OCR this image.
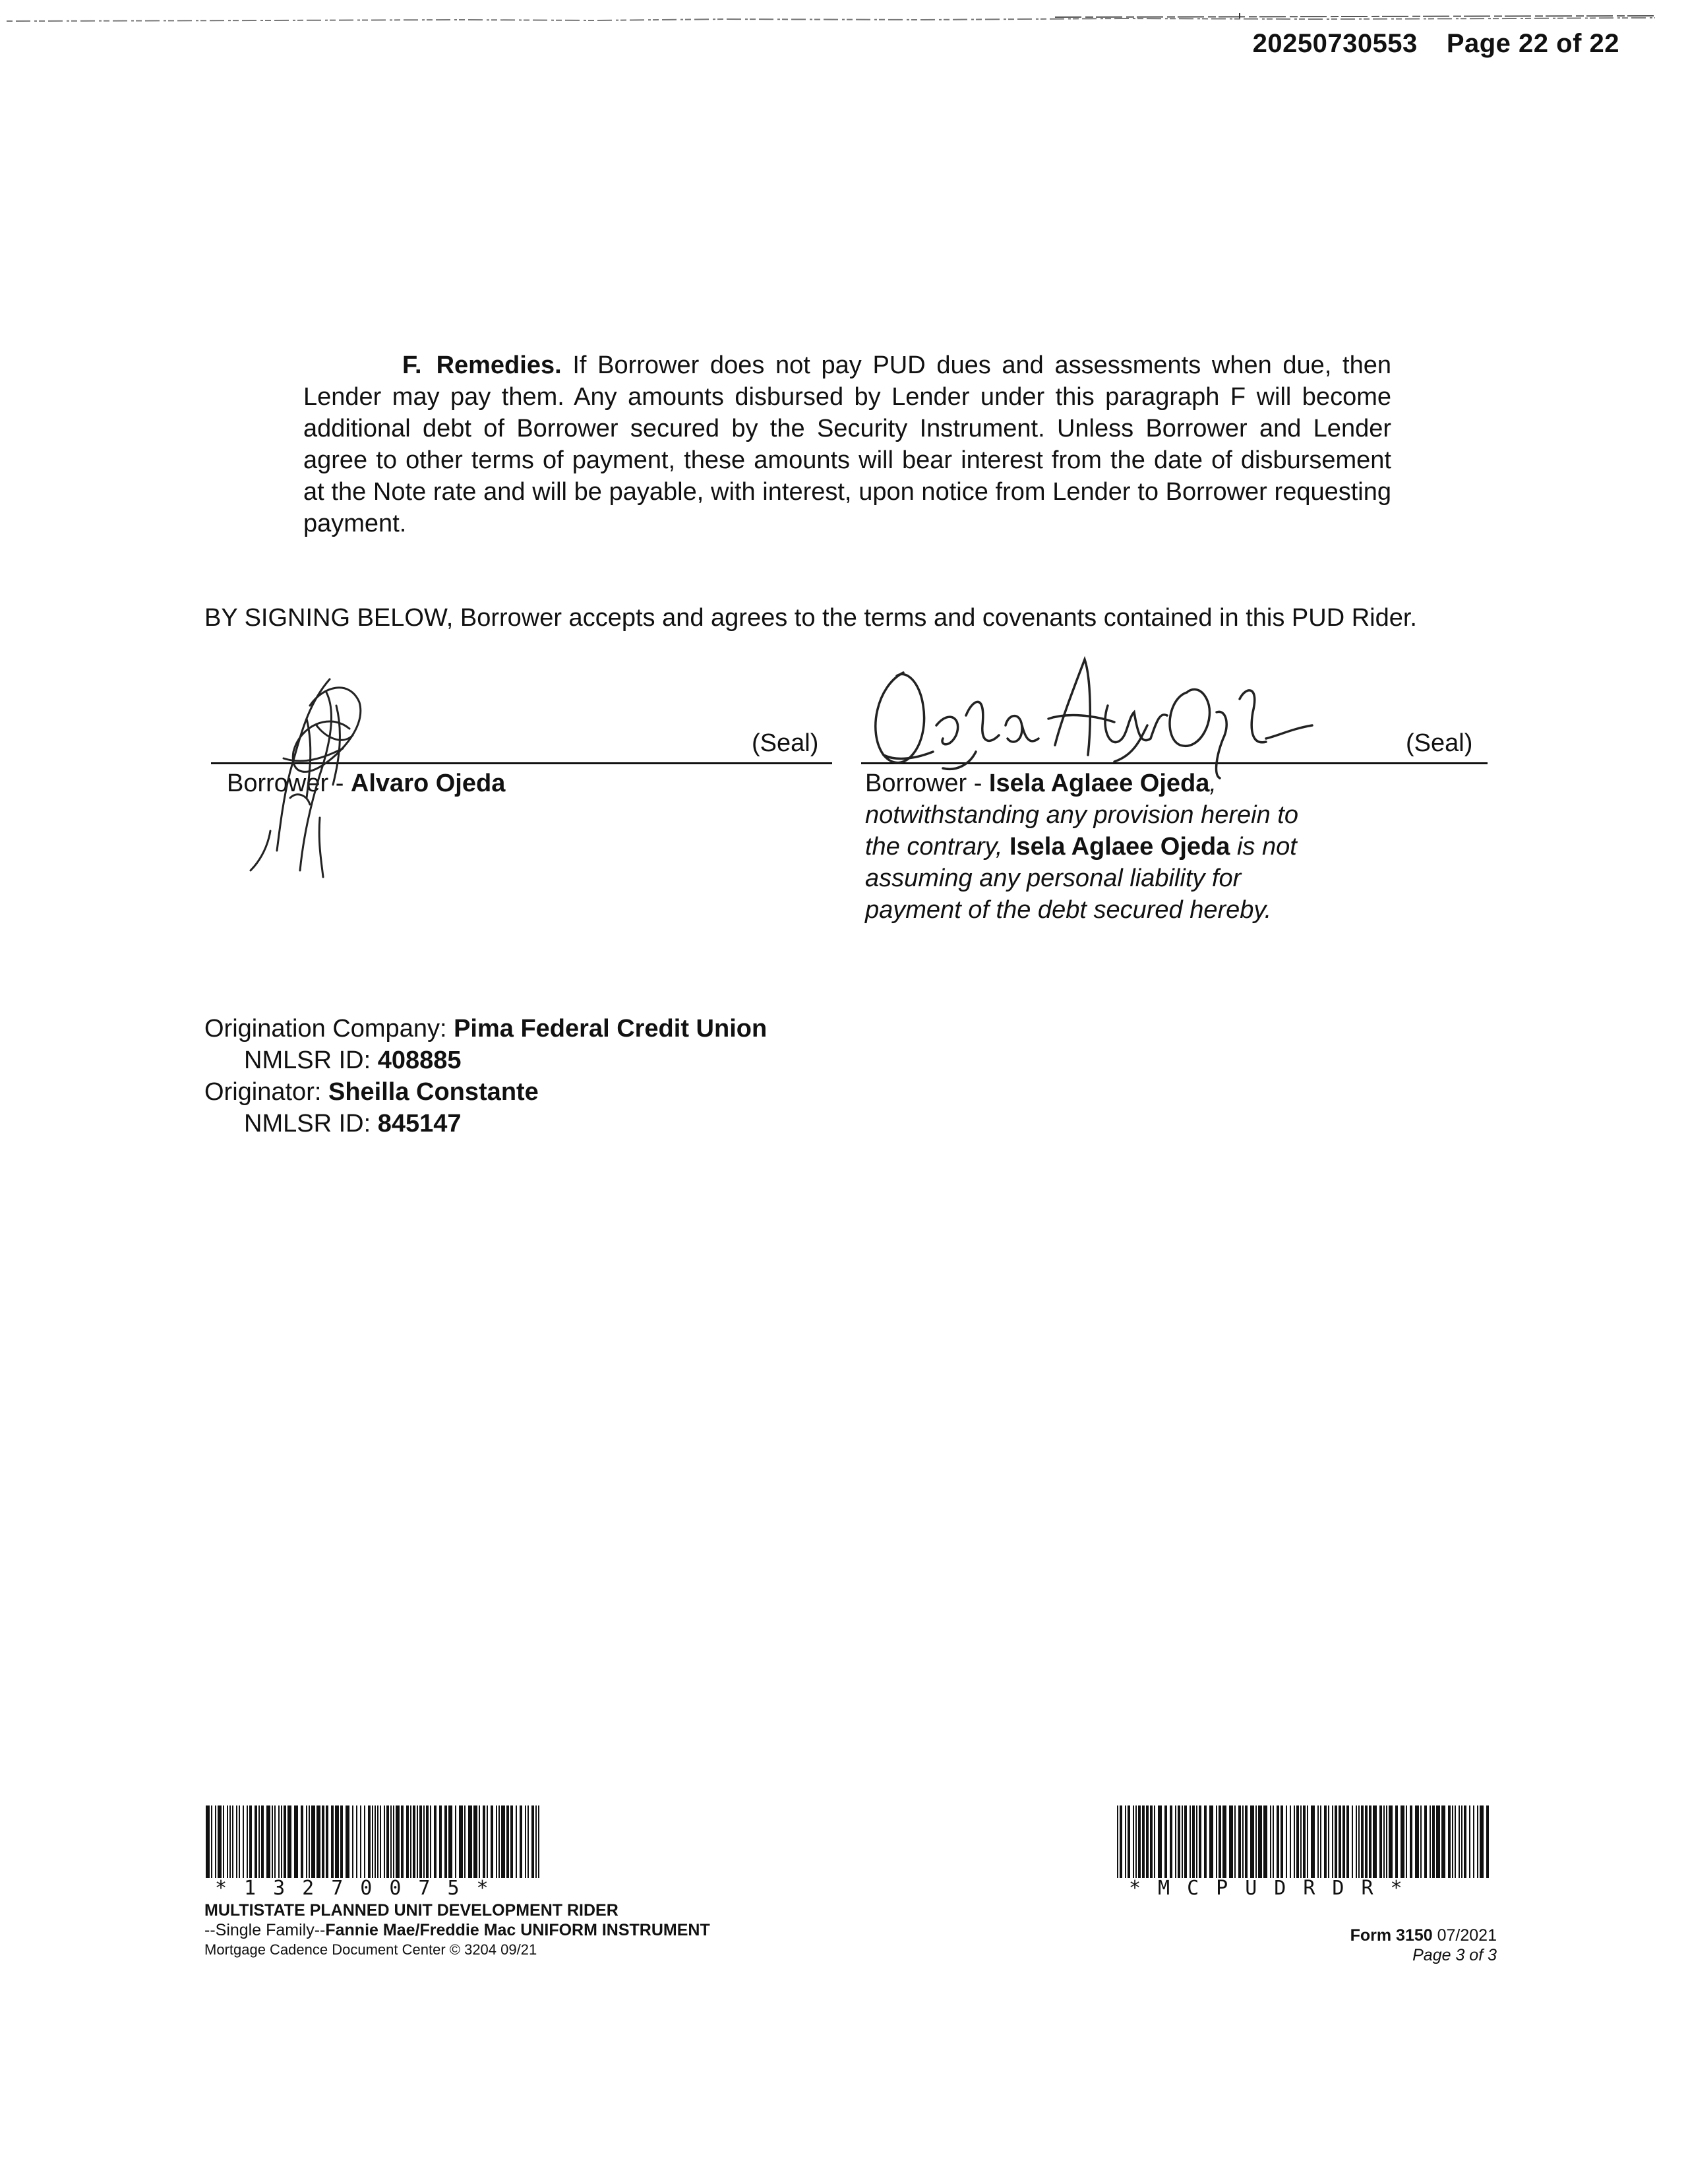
20250730553 Page 22 of 22
F. Remedies. If Borrower does not pay PUD dues and assessments when due, then Lender may pay them. Any amounts disbursed by Lender under this paragraph F will become additional debt of Borrower secured by the Security Instrument. Unless Borrower and Lender agree to other terms of payment, these amounts will bear interest from the date of disbursement at the Note rate and will be payable, with interest, upon notice from Lender to Borrower requesting payment.
BY SIGNING BELOW, Borrower accepts and agrees to the terms and covenants contained in this PUD Rider.
(Seal)
Borrower - Alvaro Ojeda
(Seal)
Borrower - Isela Aglaee Ojeda, notwithstanding any provision herein to the contrary, Isela Aglaee Ojeda is not assuming any personal liability for payment of the debt secured hereby.
Origination Company: Pima Federal Credit Union
NMLSR ID: 408885
Originator: Sheilla Constante
NMLSR ID: 845147
*13270075*	*MCPUDRDR*
MULTISTATE PLANNED UNIT DEVELOPMENT RIDER
--Single Family--Fannie Mae/Freddie Mac UNIFORM INSTRUMENT
Mortgage Cadence Document Center © 3204 09/21
Form 3150 07/2021
Page 3 of 3
